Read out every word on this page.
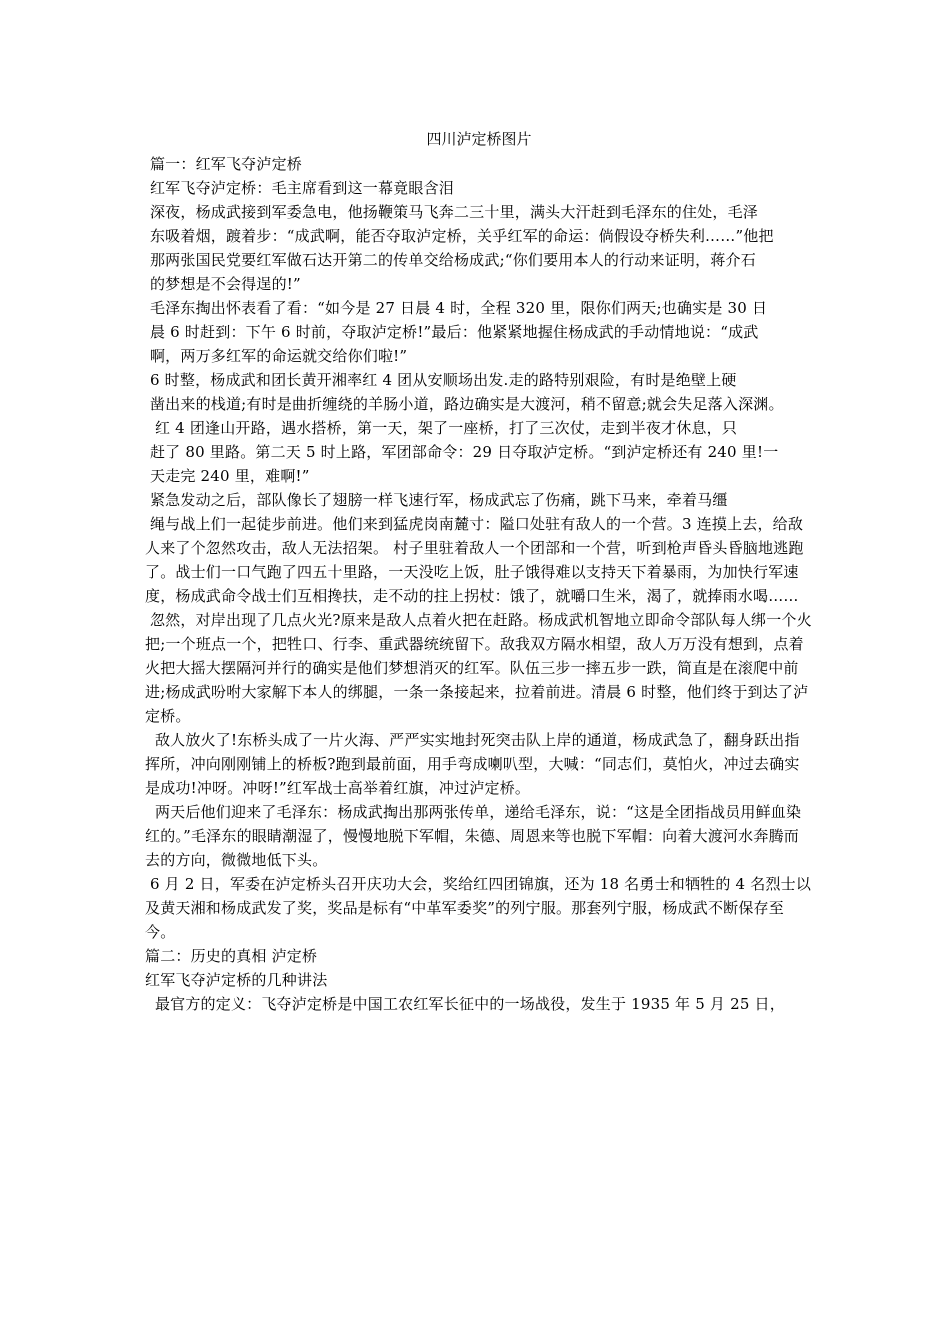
四川泸定桥图片

篇一：红军飞夺泸定桥

红军飞夺泸定桥：毛主席看到这一幕竟眼含泪

深夜，杨成武接到军委急电，他扬鞭策马飞奔二三十里，满头大汗赶到毛泽东的住处，毛泽

东吸着烟，踱着步：“成武啊，能否夺取泸定桥，关乎红军的命运：倘假设夺桥失利……”他把

那两张国民党要红军做石达开第二的传单交给杨成武;“你们要用本人的行动来证明，蒋介石

的梦想是不会得逞的!”

毛泽东掏出怀表看了看：“如今是 27 日晨 4 时，全程 320 里，限你们两天;也确实是 30 日

晨 6 时赶到：下午 6 时前，夺取泸定桥!”最后：他紧紧地握住杨成武的手动情地说：“成武

啊，两万多红军的命运就交给你们啦!”

6 时整，杨成武和团长黄开湘率红 4 团从安顺场出发.走的路特别艰险，有时是绝壁上硬

凿出来的栈道;有时是曲折缠绕的羊肠小道，路边确实是大渡河，稍不留意;就会失足落入深渊。

红 4 团逢山开路，遇水搭桥，第一天，架了一座桥，打了三次仗，走到半夜才休息，只

赶了 80 里路。第二天 5 时上路，军团部命令：29 日夺取泸定桥。“到泸定桥还有 240 里!一

天走完 240 里，难啊!”

紧急发动之后，部队像长了翅膀一样飞速行军，杨成武忘了伤痛，跳下马来，牵着马缰

绳与战上们一起徒步前进。他们来到猛虎岗南麓寸：隘口处驻有敌人的一个营。3 连摸上去，给敌人来了个忽然攻击，敌人无法招架。 村子里驻着敌人一个团部和一个营，听到枪声昏头昏脑地逃跑了。战士们一口气跑了四五十里路，一天没吃上饭，肚子饿得难以支持天下着暴雨，为加快行军速度，杨成武命令战士们互相搀扶，走不动的拄上拐杖：饿了，就嚼口生米，渴了，就捧雨水喝……

忽然，对岸出现了几点火光?原来是敌人点着火把在赶路。杨成武机智地立即命令部队每人绑一个火把;一个班点一个，把牲口、行李、重武器统统留下。敌我双方隔水相望，敌人万万没有想到，点着火把大摇大摆隔河并行的确实是他们梦想消灭的红军。队伍三步一摔五步一跌，简直是在滚爬中前进;杨成武吩咐大家解下本人的绑腿，一条一条接起来，拉着前进。清晨 6 时整，他们终于到达了泸定桥。

敌人放火了!东桥头成了一片火海、严严实实地封死突击队上岸的通道，杨成武急了，翻身跃出指挥所，冲向刚刚铺上的桥板?跑到最前面，用手弯成喇叭型，大喊：“同志们，莫怕火，冲过去确实是成功!冲呀。冲呀!”红军战士高举着红旗，冲过泸定桥。

两天后他们迎来了毛泽东：杨成武掏出那两张传单，递给毛泽东，说：“这是全团指战员用鲜血染红的。”毛泽东的眼睛潮湿了，慢慢地脱下军帽，朱德、周恩来等也脱下军帽：向着大渡河水奔腾而去的方向，微微地低下头。

6 月 2 日，军委在泸定桥头召开庆功大会，奖给红四团锦旗，还为 18 名勇士和牺牲的 4 名烈士以及黄天湘和杨成武发了奖，奖品是标有“中革军委奖”的列宁服。那套列宁服，杨成武不断保存至今。

篇二：历史的真相 泸定桥

红军飞夺泸定桥的几种讲法

最官方的定义：飞夺泸定桥是中国工农红军长征中的一场战役，发生于 1935 年 5 月 25 日，
